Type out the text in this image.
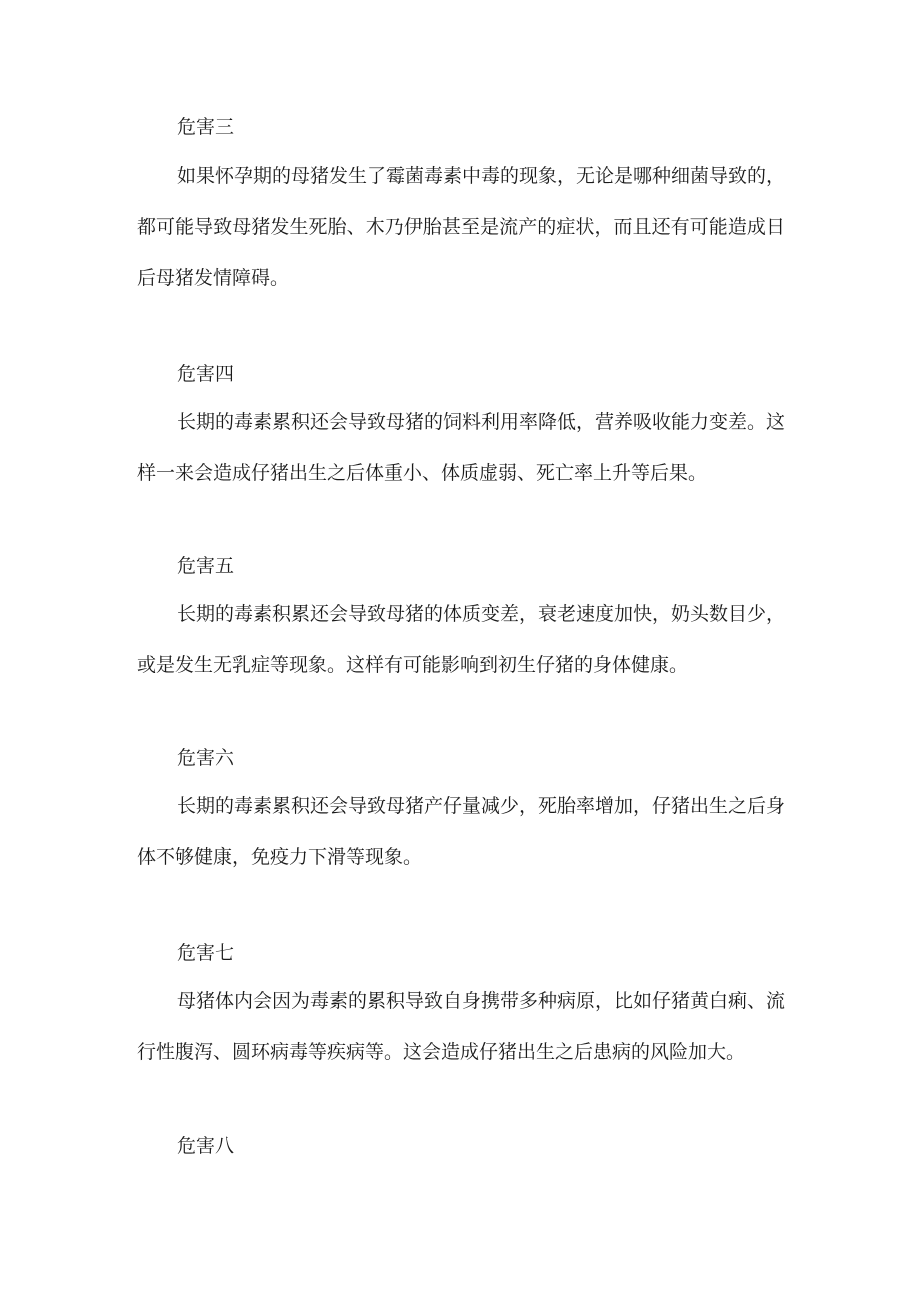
危害三

如果怀孕期的母猪发生了霉菌毒素中毒的现象，无论是哪种细菌导致的，都可能导致母猪发生死胎、木乃伊胎甚至是流产的症状，而且还有可能造成日后母猪发情障碍。

危害四

长期的毒素累积还会导致母猪的饲料利用率降低，营养吸收能力变差。这样一来会造成仔猪出生之后体重小、体质虚弱、死亡率上升等后果。

危害五

长期的毒素积累还会导致母猪的体质变差，衰老速度加快，奶头数目少，或是发生无乳症等现象。这样有可能影响到初生仔猪的身体健康。

危害六

长期的毒素累积还会导致母猪产仔量减少，死胎率增加，仔猪出生之后身体不够健康，免疫力下滑等现象。

危害七

母猪体内会因为毒素的累积导致自身携带多种病原，比如仔猪黄白痢、流行性腹泻、圆环病毒等疾病等。这会造成仔猪出生之后患病的风险加大。

危害八
